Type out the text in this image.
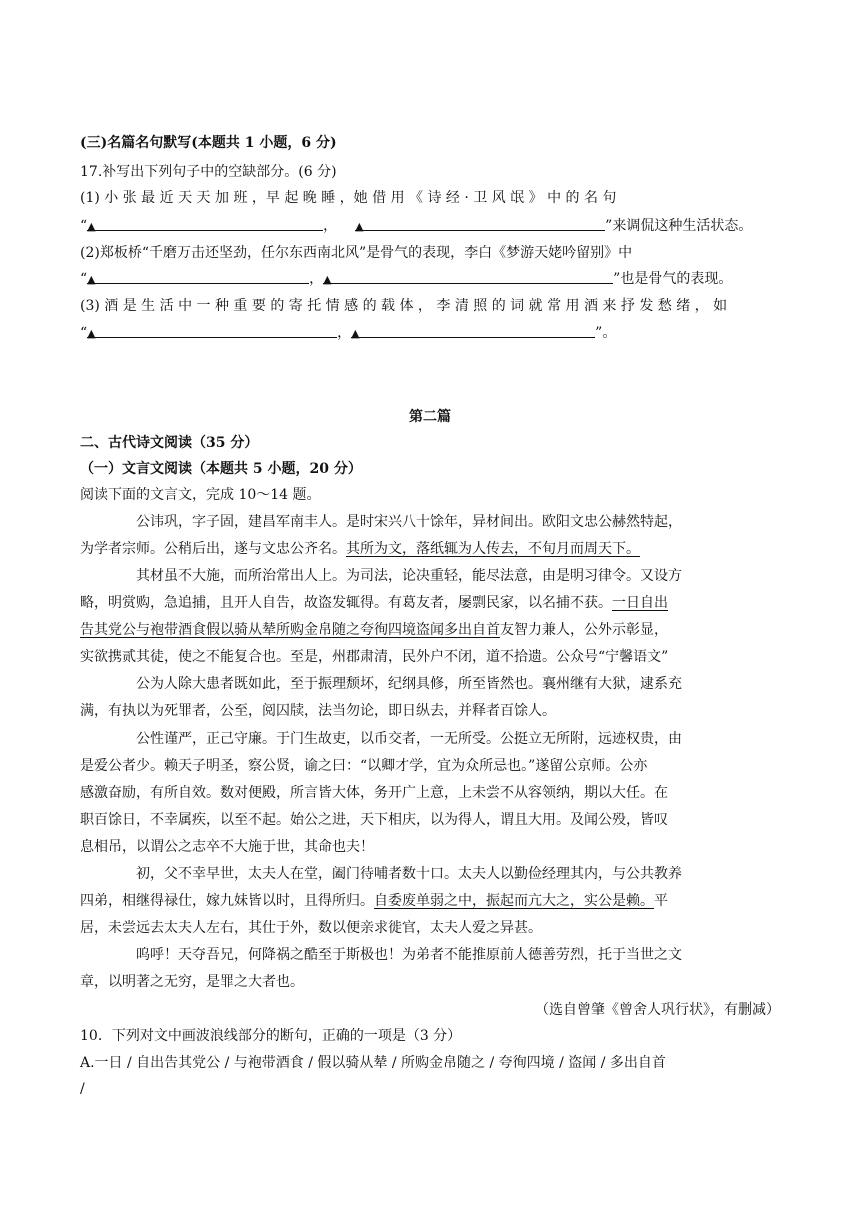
(三)名篇名句默写(本题共 1 小题，6 分)
17.补写出下列句子中的空缺部分。(6 分)
(1) 小 张 最 近 天 天 加 班 ，早 起 晚 睡 ，她 借 用 《 诗 经 · 卫 风 氓 》 中 的 名 句
“▲	， ▲	”来调侃这种生活状态。
(2)郑板桥“千磨万击还坚劲，任尔东西南北风”是骨气的表现，李白《梦游天姥吟留别》中
“▲	，▲	”也是骨气的表现。
(3) 酒 是 生 活 中 一 种 重 要 的 寄 托 情 感 的 载 体 ， 李 清 照 的 词 就 常 用 酒 来 抒 发 愁 绪 ， 如
“▲	，▲	”。
第二篇
二、古代诗文阅读（35 分）
（一）文言文阅读（本题共 5 小题，20 分）
阅读下面的文言文，完成 10～14 题。
公讳巩，字子固，建昌军南丰人。是时宋兴八十馀年，异材间出。欧阳文忠公赫然特起，
为学者宗师。公稍后出，遂与文忠公齐名。其所为文，落纸辄为人传去，不旬月而周天下。
其材虽不大施，而所治常出人上。为司法，论决重轻，能尽法意，由是明习律令。又设方
略，明赏购，急追捕，且开人自告，故盗发辄得。有葛友者，屡剽民家，以名捕不获。一日自出
告其党公与袍带酒食假以骑从辇所购金帛随之夸徇四境盗闻多出自首友智力兼人，公外示彰显，
实欲携贰其徒，使之不能复合也。至是，州郡肃清，民外户不闭，道不拾遗。公众号“宁馨语文”
公为人除大患者既如此，至于振理颓坏，纪纲具修，所至皆然也。襄州继有大狱，逮系充
满，有执以为死罪者，公至，阅囚牍，法当勿论，即日纵去，并释者百馀人。
公性谨严，正己守廉。于门生故吏，以币交者，一无所受。公挺立无所附，远迹权贵，由
是爱公者少。赖天子明圣，察公贤，谕之曰：“以卿才学，宜为众所忌也。”遂留公京师。公亦
感激奋励，有所自效。数对便殿，所言皆大体，务开广上意，上未尝不从容领纳，期以大任。在
职百馀日，不幸属疾，以至不起。始公之进，天下相庆，以为得人，谓且大用。及闻公殁，皆叹
息相吊，以谓公之志卒不大施于世，其命也夫！
初，父不幸早世，太夫人在堂，阖门待哺者数十口。太夫人以勤俭经理其内，与公共教养
四弟，相继得禄仕，嫁九妹皆以时，且得所归。自委废单弱之中，振起而亢大之，实公是赖。平
居，未尝远去太夫人左右，其仕于外，数以便亲求徙官，太夫人爱之异甚。
呜呼！天夺吾兄，何降祸之酷至于斯极也！为弟者不能推原前人德善劳烈，托于当世之文
章，以明著之无穷，是罪之大者也。
（选自曾肇《曾舍人巩行状》，有删减）
10．下列对文中画波浪线部分的断句，正确的一项是（3 分）
A.一日 / 自出告其党公 / 与袍带酒食 / 假以骑从辇 / 所购金帛随之 / 夸徇四境 / 盗闻 / 多出自首
/
